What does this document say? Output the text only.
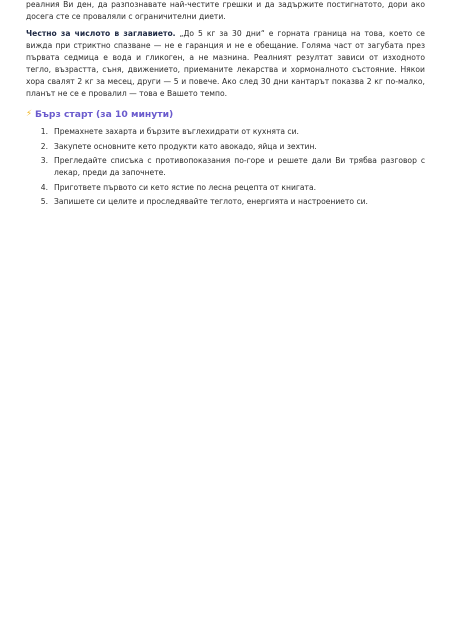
реалния Ви ден, да разпознавате най-честите грешки и да задържите постигнатото, дори ако досега сте се проваляли с ограничителни диети.

Честно за числото в заглавието. „До 5 кг за 30 дни“ е горната граница на това, което се вижда при стриктно спазване — не е гаранция и не е обещание. Голяма част от загубата през първата седмица е вода и гликоген, а не мазнина. Реалният резултат зависи от изходното тегло, възрастта, съня, движението, приеманите лекарства и хормоналното състояние. Някои хора свалят 2 кг за месец, други — 5 и повече. Ако след 30 дни кантарът показва 2 кг по-малко, планът не се е провалил — това е Вашето темпо.

⚡ Бърз старт (за 10 минути)
1. Премахнете захарта и бързите въглехидрати от кухнята си.
2. Закупете основните кето продукти като авокадо, яйца и зехтин.
3. Прегледайте списъка с противопоказания по-горе и решете дали Ви трябва разговор с лекар, преди да започнете.
4. Пригответе първото си кето ястие по лесна рецепта от книгата.
5. Запишете си целите и проследявайте теглото, енергията и настроението си.
